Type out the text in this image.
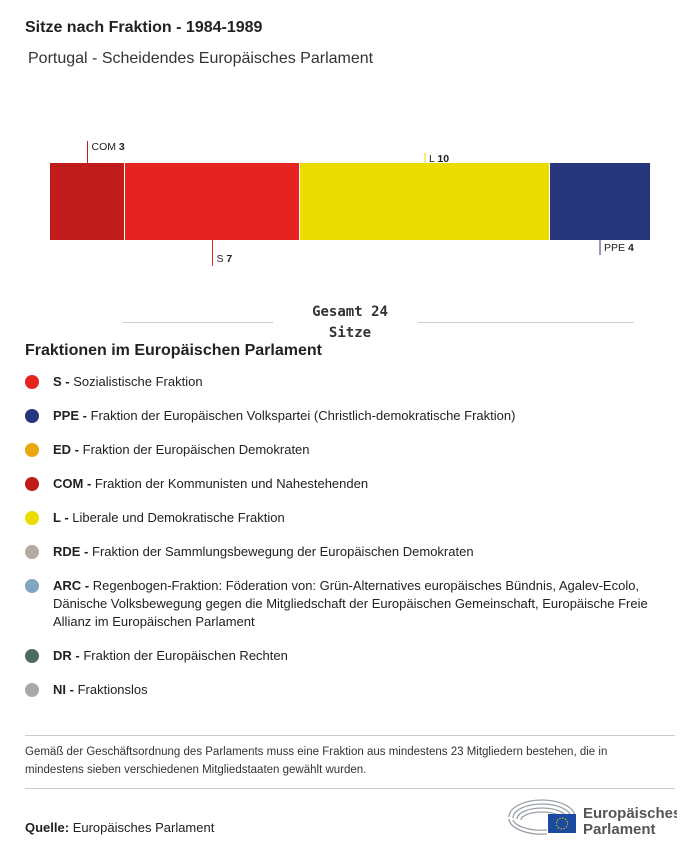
Sitze nach Fraktion - 1984-1989
Portugal - Scheidendes Europäisches Parlament
COM 3
S 7
L 10
PPE 4
Gesamt 24
Sitze
Fraktionen im Europäischen Parlament
S - Sozialistische Fraktion
PPE - Fraktion der Europäischen Volkspartei (Christlich-demokratische Fraktion)
ED - Fraktion der Europäischen Demokraten
COM - Fraktion der Kommunisten und Nahestehenden
L - Liberale und Demokratische Fraktion
RDE - Fraktion der Sammlungsbewegung der Europäischen Demokraten
ARC - Regenbogen-Fraktion: Föderation von: Grün-Alternatives europäisches Bündnis, Agalev-Ecolo, Dänische Volksbewegung gegen die Mitgliedschaft der Europäischen Gemeinschaft, Europäische Freie Allianz im Europäischen Parlament
DR - Fraktion der Europäischen Rechten
NI - Fraktionslos
Gemäß der Geschäftsordnung des Parlaments muss eine Fraktion aus mindestens 23 Mitgliedern bestehen, die in mindestens sieben verschiedenen Mitgliedstaaten gewählt wurden.
Quelle: Europäisches Parlament
Europäisches
Parlament
